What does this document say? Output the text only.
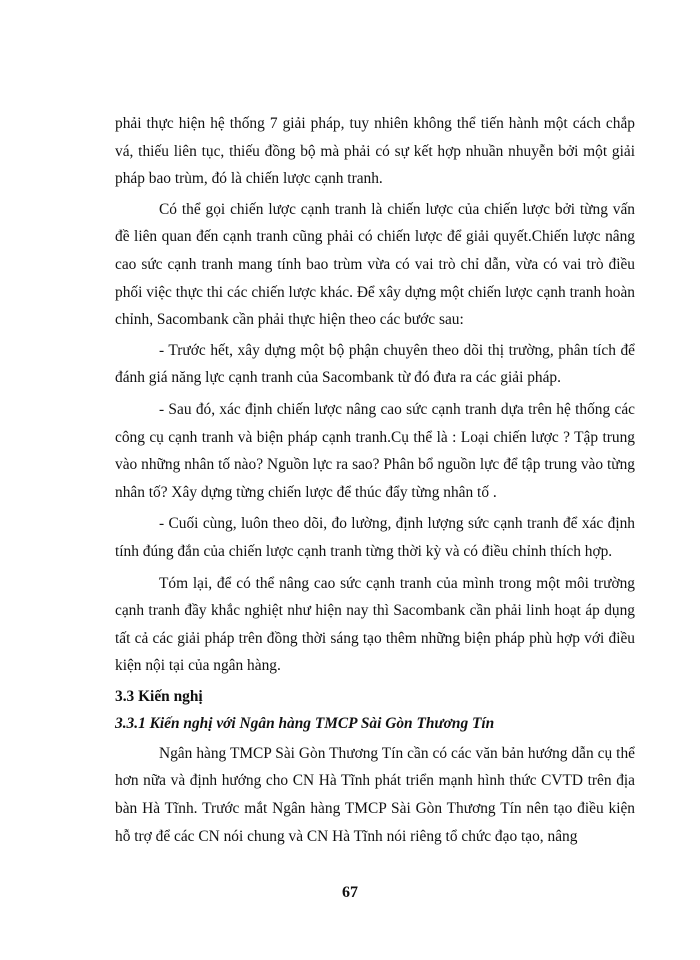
phải thực hiện hệ thống 7 giải pháp, tuy nhiên không thể tiến hành một cách chắp vá, thiếu liên tục, thiếu đồng bộ mà phải có sự kết hợp nhuần nhuyễn bởi một giải pháp bao trùm, đó là chiến lược cạnh tranh.

Có thể gọi chiến lược cạnh tranh là chiến lược của chiến lược bởi từng vấn đề liên quan đến cạnh tranh cũng phải có chiến lược để giải quyết.Chiến lược nâng cao sức cạnh tranh mang tính bao trùm vừa có vai trò chỉ dẫn, vừa có vai trò điều phối việc thực thi các chiến lược khác. Để xây dựng một chiến lược cạnh tranh hoàn chỉnh, Sacombank cần phải thực hiện theo các bước sau:

- Trước hết, xây dựng một bộ phận chuyên theo dõi thị trường, phân tích để đánh giá năng lực cạnh tranh của Sacombank từ đó đưa ra các giải pháp.

- Sau đó, xác định chiến lược nâng cao sức cạnh tranh dựa trên hệ thống các công cụ cạnh tranh và biện pháp cạnh tranh.Cụ thể là : Loại chiến lược ? Tập trung vào những nhân tố nào? Nguồn lực ra sao? Phân bổ nguồn lực để tập trung vào từng nhân tố? Xây dựng từng chiến lược để thúc đẩy từng nhân tố .

- Cuối cùng, luôn theo dõi, đo lường, định lượng sức cạnh tranh để xác định tính đúng đắn của chiến lược cạnh tranh từng thời kỳ và có điều chỉnh thích hợp.

Tóm lại, để có thể nâng cao sức cạnh tranh của mình trong một môi trường cạnh tranh đầy khắc nghiệt như hiện nay thì Sacombank cần phải linh hoạt áp dụng tất cả các giải pháp trên đồng thời sáng tạo thêm những biện pháp phù hợp với điều kiện nội tại của ngân hàng.

3.3 Kiến nghị
3.3.1 Kiến nghị với Ngân hàng TMCP Sài Gòn Thương Tín

Ngân hàng TMCP Sài Gòn Thương Tín cần có các văn bản hướng dẫn cụ thể hơn nữa và định hướng cho CN Hà Tĩnh phát triển mạnh hình thức CVTD trên địa bàn Hà Tĩnh. Trước mắt Ngân hàng TMCP Sài Gòn Thương Tín nên tạo điều kiện hỗ trợ để các CN nói chung và CN Hà Tĩnh nói riêng tổ chức đạo tạo, nâng

67
